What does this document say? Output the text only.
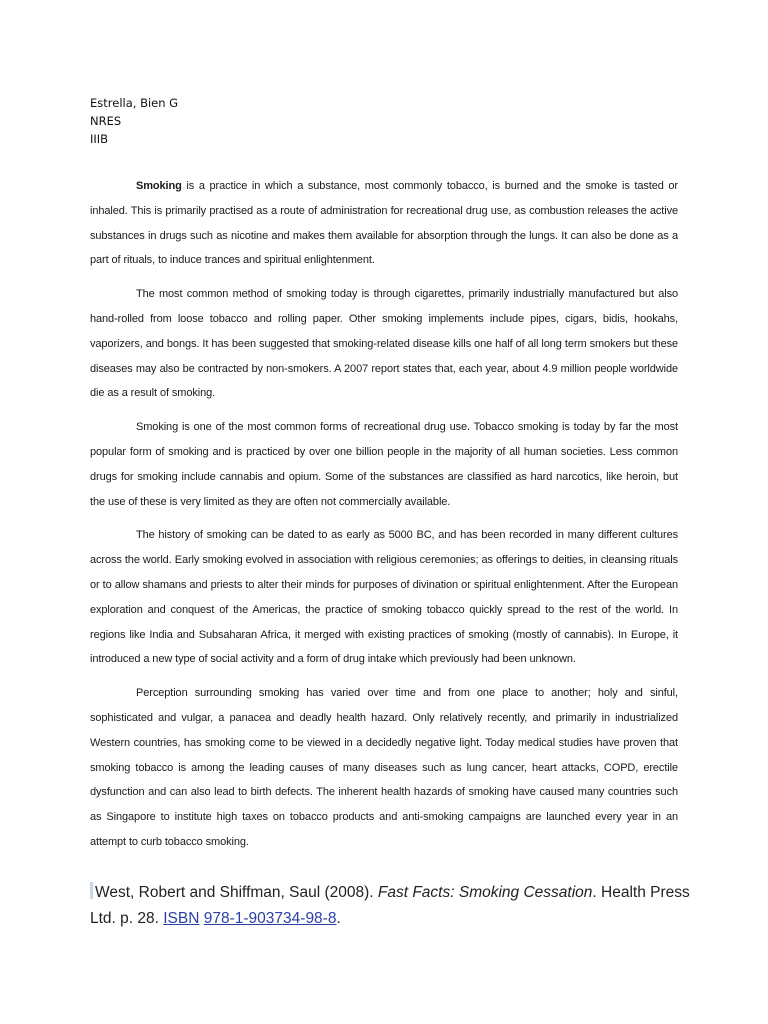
Estrella, Bien G
NRES
IIIB

Smoking is a practice in which a substance, most commonly tobacco, is burned and the smoke is tasted or inhaled. This is primarily practised as a route of administration for recreational drug use, as combustion releases the active substances in drugs such as nicotine and makes them available for absorption through the lungs. It can also be done as a part of rituals, to induce trances and spiritual enlightenment.

The most common method of smoking today is through cigarettes, primarily industrially manufactured but also hand-rolled from loose tobacco and rolling paper. Other smoking implements include pipes, cigars, bidis, hookahs, vaporizers, and bongs. It has been suggested that smoking-related disease kills one half of all long term smokers but these diseases may also be contracted by non-smokers. A 2007 report states that, each year, about 4.9 million people worldwide die as a result of smoking.

Smoking is one of the most common forms of recreational drug use. Tobacco smoking is today by far the most popular form of smoking and is practiced by over one billion people in the majority of all human societies. Less common drugs for smoking include cannabis and opium. Some of the substances are classified as hard narcotics, like heroin, but the use of these is very limited as they are often not commercially available.

The history of smoking can be dated to as early as 5000 BC, and has been recorded in many different cultures across the world. Early smoking evolved in association with religious ceremonies; as offerings to deities, in cleansing rituals or to allow shamans and priests to alter their minds for purposes of divination or spiritual enlightenment. After the European exploration and conquest of the Americas, the practice of smoking tobacco quickly spread to the rest of the world. In regions like India and Subsaharan Africa, it merged with existing practices of smoking (mostly of cannabis). In Europe, it introduced a new type of social activity and a form of drug intake which previously had been unknown.

Perception surrounding smoking has varied over time and from one place to another; holy and sinful, sophisticated and vulgar, a panacea and deadly health hazard. Only relatively recently, and primarily in industrialized Western countries, has smoking come to be viewed in a decidedly negative light. Today medical studies have proven that smoking tobacco is among the leading causes of many diseases such as lung cancer, heart attacks, COPD, erectile dysfunction and can also lead to birth defects. The inherent health hazards of smoking have caused many countries such as Singapore to institute high taxes on tobacco products and anti-smoking campaigns are launched every year in an attempt to curb tobacco smoking.

West, Robert and Shiffman, Saul (2008). Fast Facts: Smoking Cessation. Health Press Ltd. p. 28. ISBN 978-1-903734-98-8.
